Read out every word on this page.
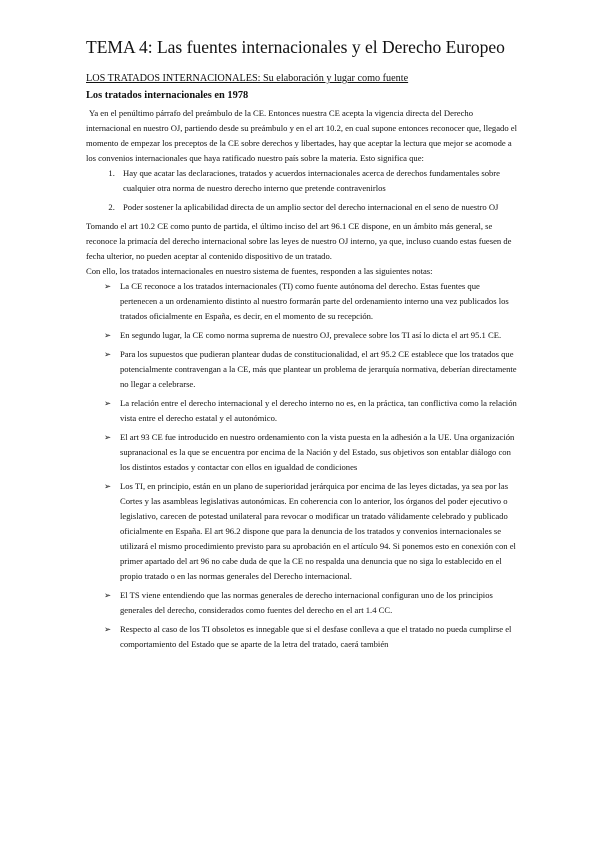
TEMA 4: Las fuentes internacionales y el Derecho Europeo
LOS TRATADOS INTERNACIONALES: Su elaboración y lugar como fuente
Los tratados internacionales en 1978

Ya en el penúltimo párrafo del preámbulo de la CE. Entonces nuestra CE acepta la vigencia directa del Derecho internacional en nuestro OJ, partiendo desde su preámbulo y en el art 10.2, en cual supone entonces reconocer que, llegado el momento de empezar los preceptos de la CE sobre derechos y libertades, hay que aceptar la lectura que mejor se acomode a los convenios internacionales que haya ratificado nuestro país sobre la materia. Esto significa que:

1. Hay que acatar las declaraciones, tratados y acuerdos internacionales acerca de derechos fundamentales sobre cualquier otra norma de nuestro derecho interno que pretende contravenirlos
2. Poder sostener la aplicabilidad directa de un amplio sector del derecho internacional en el seno de nuestro OJ

Tomando el art 10.2 CE como punto de partida, el último inciso del art 96.1 CE dispone, en un ámbito más general, se reconoce la primacía del derecho internacional sobre las leyes de nuestro OJ interno, ya que, incluso cuando estas fuesen de fecha ulterior, no pueden aceptar al contenido dispositivo de un tratado.

Con ello, los tratados internacionales en nuestro sistema de fuentes, responden a las siguientes notas:

➢	La CE reconoce a los tratados internacionales (TI) como fuente autónoma del derecho. Estas fuentes que pertenecen a un ordenamiento distinto al nuestro formarán parte del ordenamiento interno una vez publicados los tratados oficialmente en España, es decir, en el momento de su recepción.
➢	En segundo lugar, la CE como norma suprema de nuestro OJ, prevalece sobre los TI así lo dicta el art 95.1 CE.
➢	Para los supuestos que pudieran plantear dudas de constitucionalidad, el art 95.2 CE establece que los tratados que potencialmente contravengan a la CE, más que plantear un problema de jerarquía normativa, deberían directamente no llegar a celebrarse.
➢	La relación entre el derecho internacional y el derecho interno no es, en la práctica, tan conflictiva como la relación vista entre el derecho estatal y el autonómico.
➢	El art 93 CE fue introducido en nuestro ordenamiento con la vista puesta en la adhesión a la UE. Una organización supranacional es la que se encuentra por encima de la Nación y del Estado, sus objetivos son entablar diálogo con los distintos estados y contactar con ellos en igualdad de condiciones
➢	Los TI, en principio, están en un plano de superioridad jerárquica por encima de las leyes dictadas, ya sea por las Cortes y las asambleas legislativas autonómicas. En coherencia con lo anterior, los órganos del poder ejecutivo o legislativo, carecen de potestad unilateral para revocar o modificar un tratado válidamente celebrado y publicado oficialmente en España. El art 96.2 dispone que para la denuncia de los tratados y convenios internacionales se utilizará el mismo procedimiento previsto para su aprobación en el artículo 94. Si ponemos esto en conexión con el primer apartado del art 96 no cabe duda de que la CE no respalda una denuncia que no siga lo establecido en el propio tratado o en las normas generales del Derecho internacional.
➢	El TS viene entendiendo que las normas generales de derecho internacional configuran uno de los principios generales del derecho, considerados como fuentes del derecho en el art 1.4 CC.
➢	Respecto al caso de los TI obsoletos es innegable que si el desfase conlleva a que el tratado no pueda cumplirse el comportamiento del Estado que se aparte de la letra del tratado, caerá también
